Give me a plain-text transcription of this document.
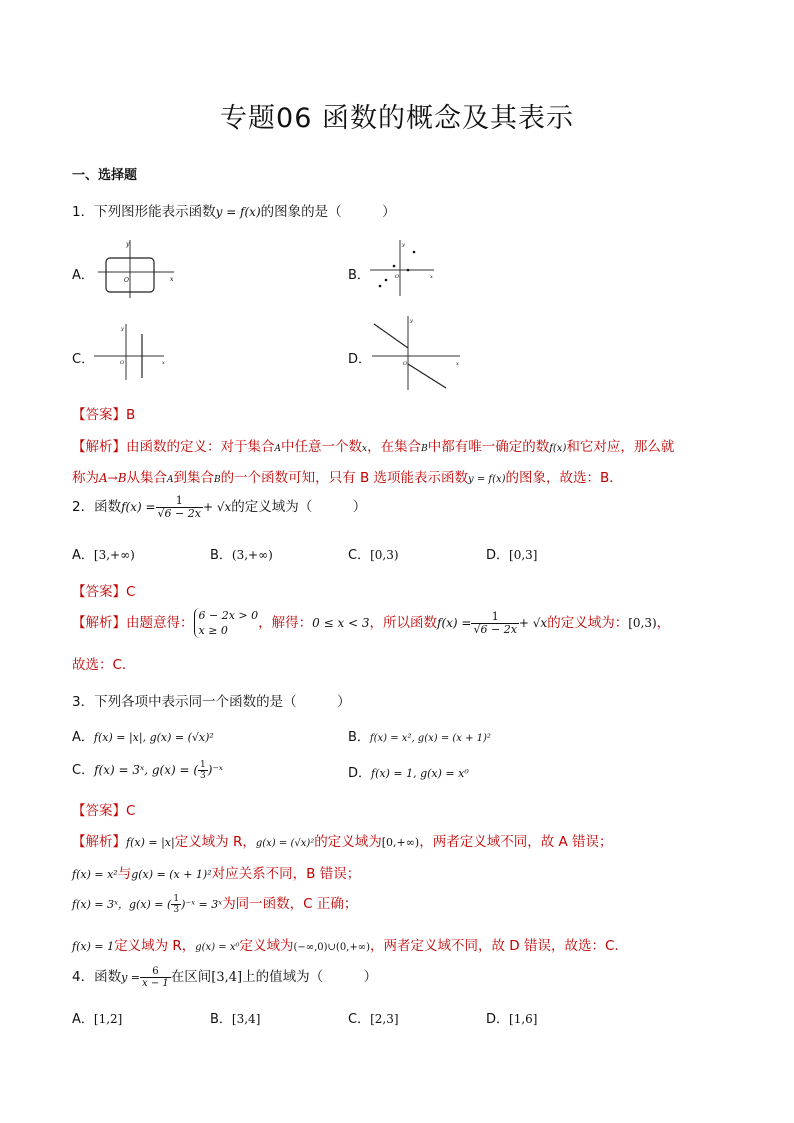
专题06 函数的概念及其表示
一、选择题
1．下列图形能表示函数y = f(x)的图象的是（　　　）
A．
y
x
O	B．
y
x
O
C．
y
x
O	D．
y
x
O
【答案】B
【解析】由函数的定义：对于集合A中任意一个数x，在集合B中都有唯一确定的数f(x)和它对应，那么就
称为A→B从集合A到集合B的一个函数可知，只有 B 选项能表示函数y = f(x)的图象，故选：B．
2．函数$f(x) = \frac{1}{√6 - 2x} + √x$的定义域为（　　　）
A．[3,+∞)	B．(3,+∞)	C．[0,3)	D．[0,3]
【答案】C
【解析】由题意得： 6 − 2x > 0
x ≥ 0 ，解得：0 ≤ x < 3，所以函数$f(x) = \frac{1}{√6 - 2x} + √x$的定义域为：[0,3)，
故选：C.
3．下列各项中表示同一个函数的是（　　　）
A．f(x) = |x|, g(x) = (√x)²	B．f(x) = x², g(x) = (x + 1)²
C．f(x) = 3ˣ, g(x) = ( $\frac{1}{3}$ )⁻ˣ	D．f(x) = 1, g(x) = x⁰
【答案】C
【解析】f(x) = |x|定义域为 R，g(x) = (√x)²的定义域为[0,+∞)，两者定义域不同，故 A 错误；
f(x) = x²与g(x) = (x + 1)²对应关系不同，B 错误；
f(x) = 3ˣ，g(x) = ( $\frac{1}{3}$ )⁻ˣ = 3ˣ为同一函数，C 正确；
f(x) = 1定义域为 R，g(x) = x⁰定义域为(−∞,0)∪(0,+∞)，两者定义域不同，故 D 错误，故选：C.
4．函数$y = \frac{6}{x - 1}$ 在区间[3,4]上的值域为（　　　）
A．[1,2]	B．[3,4]	C．[2,3]	D．[1,6]
